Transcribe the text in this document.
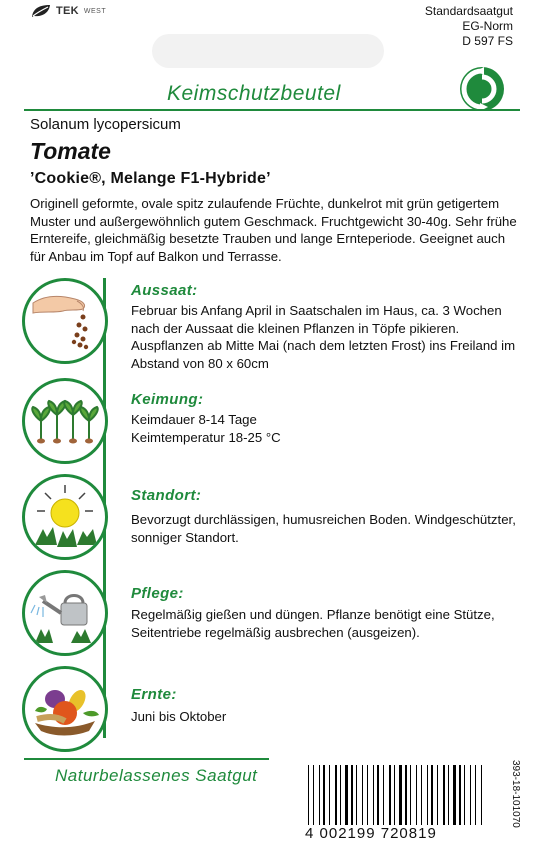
TEK WEST	Standardsaatgut
EG-Norm
D 597 FS
Keimschutzbeutel
Solanum lycopersicum
Tomate
’Cookie®, Melange F1-Hybride’
Originell geformte, ovale spitz zulaufende Früchte, dunkelrot mit grün getigertem Muster und außergewöhnlich gutem Geschmack. Fruchtgewicht 30-40g. Sehr frühe Erntereife, gleichmäßig besetzte Trauben und lange Ernteperiode. Geeignet auch für Anbau im Topf auf Balkon und Terrasse.
Aussaat:
Februar bis Anfang April in Saatschalen im Haus, ca. 3 Wochen nach der Aussaat die kleinen Pflanzen in Töpfe pikieren. Auspflanzen ab Mitte Mai (nach dem letzten Frost) ins Freiland im Abstand von 80 x 60cm
Keimung:
Keimdauer 8-14 Tage
Keimtemperatur 18-25 °C
Standort:
Bevorzugt durchlässigen, humusreichen Boden. Windgeschützter, sonniger Standort.
Pflege:
Regelmäßig gießen und düngen. Pflanze benötigt eine Stütze, Seitentriebe regelmäßig ausbrechen (ausgeizen).
Ernte:
Juni bis Oktober
Naturbelassenes Saatgut
4 002199 720819
393-18-101070
